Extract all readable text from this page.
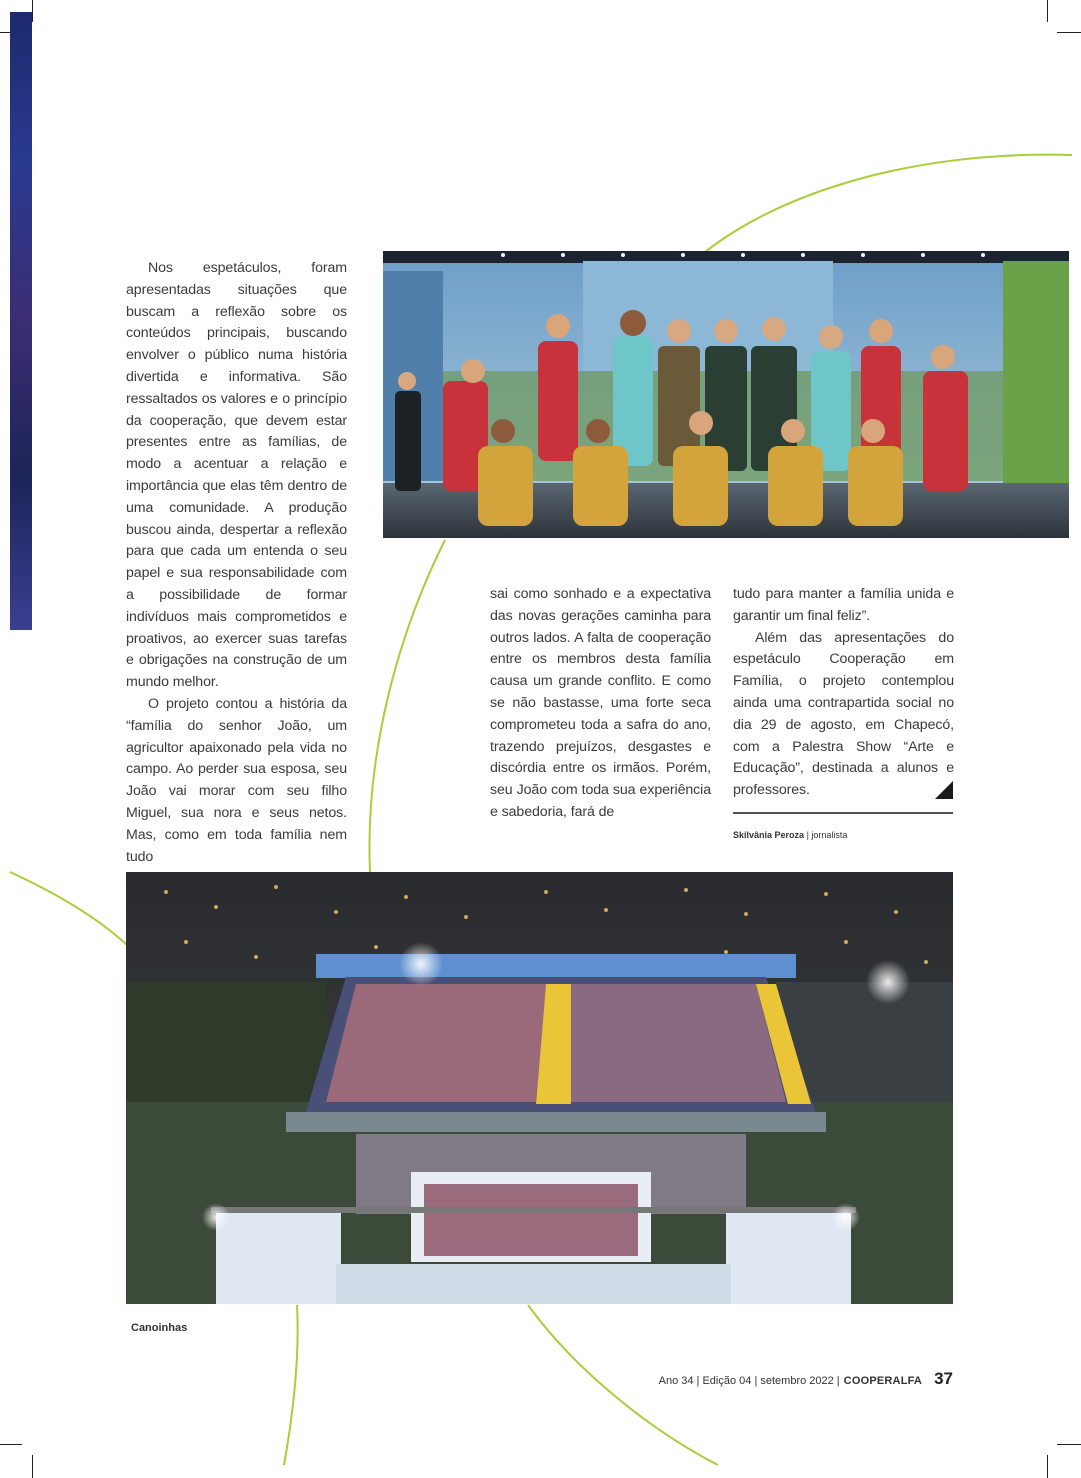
Nos espetáculos, foram apresentadas situações que buscam a reflexão sobre os conteúdos principais, buscando envolver o público numa história divertida e informativa. São ressaltados os valores e o princípio da cooperação, que devem estar presentes entre as famílias, de modo a acentuar a relação e importância que elas têm dentro de uma comunidade. A produção buscou ainda, despertar a reflexão para que cada um entenda o seu papel e sua responsabilidade com a possibilidade de formar indivíduos mais comprometidos e proativos, ao exercer suas tarefas e obrigações na construção de um mundo melhor.

O projeto contou a história da “família do senhor João, um agricultor apaixonado pela vida no campo. Ao perder sua esposa, seu João vai morar com seu filho Miguel, sua nora e seus netos. Mas, como em toda família nem tudo

sai como sonhado e a expectativa das novas gerações caminha para outros lados. A falta de cooperação entre os membros desta família causa um grande conflito. E como se não bastasse, uma forte seca comprometeu toda a safra do ano, trazendo prejuízos, desgastes e discórdia entre os irmãos. Porém, seu João com toda sua experiência e sabedoria, fará de

tudo para manter a família unida e garantir um final feliz”.

Além das apresentações do espetáculo Cooperação em Família, o projeto contemplou ainda uma contrapartida social no dia 29 de agosto, em Chapecó, com a Palestra Show “Arte e Educação”, destinada a alunos e professores.

Skilvânia Peroza | jornalista
Canoinhas
Ano 34 | Edição 04 | setembro 2022 | COOPERALFA 37
